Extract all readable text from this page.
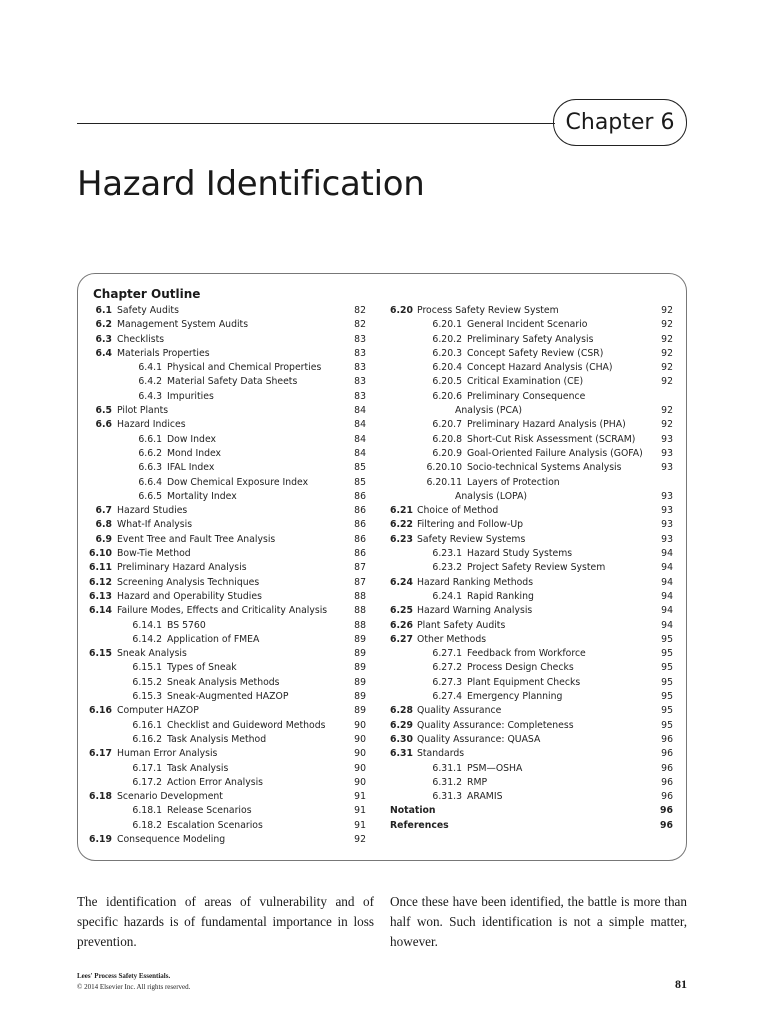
Chapter 6
Hazard Identification
Chapter Outline
6.1 Safety Audits	82
6.2 Management System Audits	82
6.3 Checklists	83
6.4 Materials Properties	83
6.4.1 Physical and Chemical Properties	83
6.4.2 Material Safety Data Sheets	83
6.4.3 Impurities	83
6.5 Pilot Plants	84
6.6 Hazard Indices	84
6.6.1 Dow Index	84
6.6.2 Mond Index	84
6.6.3 IFAL Index	85
6.6.4 Dow Chemical Exposure Index	85
6.6.5 Mortality Index	86
6.7 Hazard Studies	86
6.8 What-If Analysis	86
6.9 Event Tree and Fault Tree Analysis	86
6.10 Bow-Tie Method	86
6.11 Preliminary Hazard Analysis	87
6.12 Screening Analysis Techniques	87
6.13 Hazard and Operability Studies	88
6.14 Failure Modes, Effects and Criticality Analysis	88
6.14.1 BS 5760	88
6.14.2 Application of FMEA	89
6.15 Sneak Analysis	89
6.15.1 Types of Sneak	89
6.15.2 Sneak Analysis Methods	89
6.15.3 Sneak-Augmented HAZOP	89
6.16 Computer HAZOP	89
6.16.1 Checklist and Guideword Methods	90
6.16.2 Task Analysis Method	90
6.17 Human Error Analysis	90
6.17.1 Task Analysis	90
6.17.2 Action Error Analysis	90
6.18 Scenario Development	91
6.18.1 Release Scenarios	91
6.18.2 Escalation Scenarios	91
6.19 Consequence Modeling	92
6.20 Process Safety Review System	92
6.20.1 General Incident Scenario	92
6.20.2 Preliminary Safety Analysis	92
6.20.3 Concept Safety Review (CSR)	92
6.20.4 Concept Hazard Analysis (CHA)	92
6.20.5 Critical Examination (CE)	92
6.20.6 Preliminary Consequence
Analysis (PCA)	92
6.20.7 Preliminary Hazard Analysis (PHA)	92
6.20.8 Short-Cut Risk Assessment (SCRAM)	93
6.20.9 Goal-Oriented Failure Analysis (GOFA) 93
6.20.10 Socio-technical Systems Analysis	93
6.20.11 Layers of Protection
Analysis (LOPA)	93
6.21 Choice of Method	93
6.22 Filtering and Follow-Up	93
6.23 Safety Review Systems	93
6.23.1 Hazard Study Systems	94
6.23.2 Project Safety Review System	94
6.24 Hazard Ranking Methods	94
6.24.1 Rapid Ranking	94
6.25 Hazard Warning Analysis	94
6.26 Plant Safety Audits	94
6.27 Other Methods	95
6.27.1 Feedback from Workforce	95
6.27.2 Process Design Checks	95
6.27.3 Plant Equipment Checks	95
6.27.4 Emergency Planning	95
6.28 Quality Assurance	95
6.29 Quality Assurance: Completeness	95
6.30 Quality Assurance: QUASA	96
6.31 Standards	96
6.31.1 PSM—OSHA	96
6.31.2 RMP	96
6.31.3 ARAMIS	96
Notation	96
References	96

The identification of areas of vulnerability and of specific hazards is of fundamental importance in loss prevention.

Once these have been identified, the battle is more than half won. Such identification is not a simple matter, however.

Lees' Process Safety Essentials.
© 2014 Elsevier Inc. All rights reserved.	81
